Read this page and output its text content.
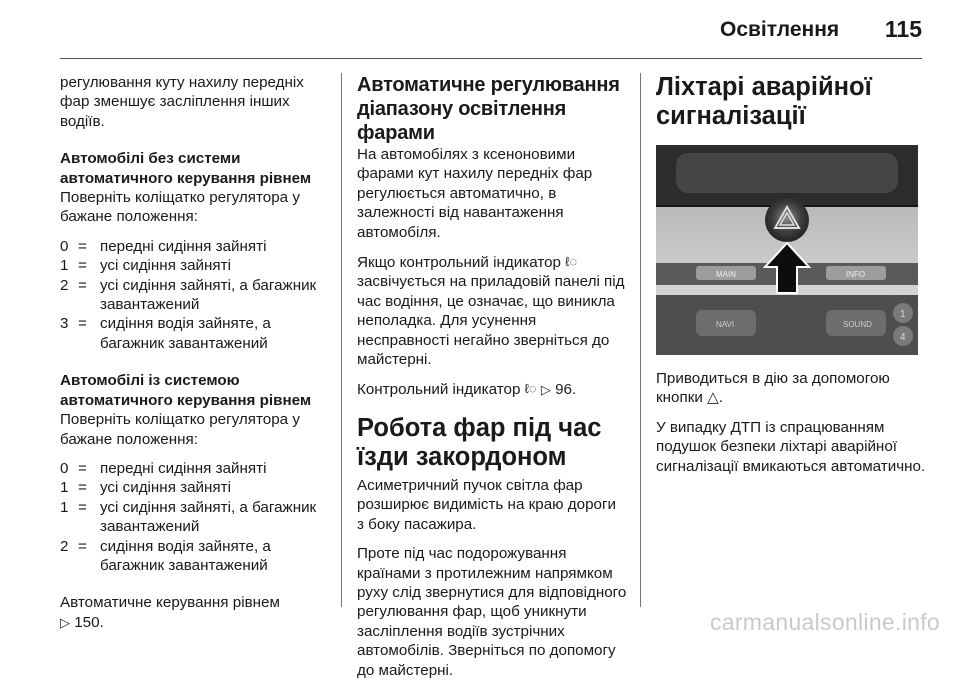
Освітлення 115

регулювання куту нахилу передніх фар зменшує засліплення інших водіїв.

Автомобілі без системи
автоматичного керування рівнем

Поверніть коліщатко регулятора у бажане положення:

0 = передні сидіння зайняті
1 = усі сидіння зайняті
2 = усі сидіння зайняті, а багажник завантажений
3 = сидіння водія зайняте, а багажник завантажений
Автомобілі із системою
автоматичного керування рівнем

Поверніть коліщатко регулятора у бажане положення:

0 = передні сидіння зайняті
1 = усі сидіння зайняті
1 = усі сидіння зайняті, а багажник завантажений
2 = сидіння водія зайняте, а багажник завантажений
Автоматичне керування рівнем
▷ 150.
Автоматичне регулювання діапазону освітлення фарами

На автомобілях з ксеноновими фарами кут нахилу передніх фар регулюється автоматично, в залежності від навантаження автомобіля.

Якщо контрольний індикатор ℓ◌ засвічується на приладовій панелі під час водіння, це означає, що виникла неполадка. Для усунення несправності негайно зверніться до майстерні.

Контрольний індикатор ℓ◌ ▷ 96.

Робота фар під час їзди закордоном

Асиметричний пучок світла фар розширює видимість на краю дороги з боку пасажира.

Проте під час подорожування країнами з протилежним напрямком руху слід звернутися для відповідного регулювання фар, щоб уникнути засліплення водіїв зустрічних автомобілів. Зверніться по допомогу до майстерні.

Ліхтарі аварійної сигналізації
MAIN	INFO
NAVI	SOUND
1
4

Приводиться в дію за допомогою кнопки △.

У випадку ДТП із спрацюванням подушок безпеки ліхтарі аварійної сигналізації вмикаються автоматично.

carmanualsonline.info
